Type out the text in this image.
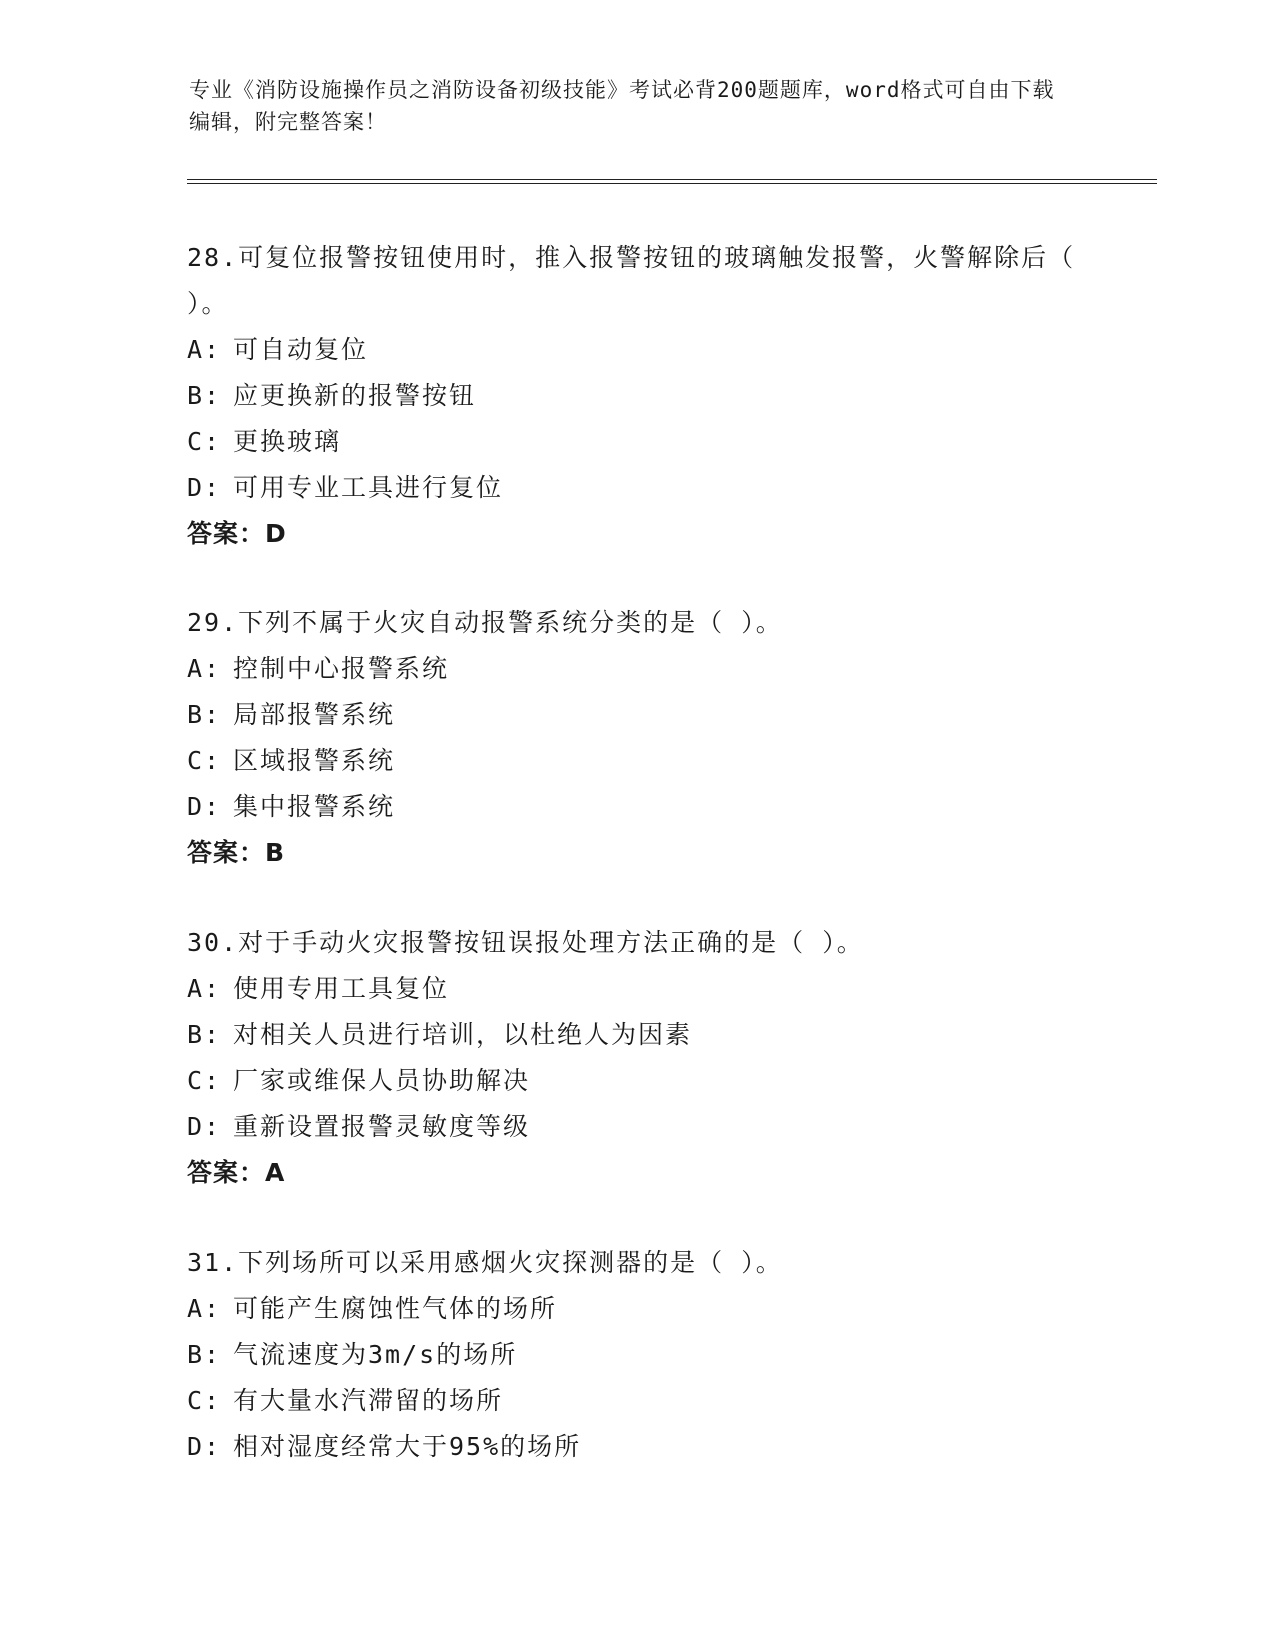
专业《消防设施操作员之消防设备初级技能》考试必背200题题库，word格式可自由下载编辑，附完整答案！

28.可复位报警按钮使用时，推入报警按钮的玻璃触发报警，火警解除后（ ）。

A: 可自动复位

B: 应更换新的报警按钮

C: 更换玻璃

D: 可用专业工具进行复位

答案：D

29.下列不属于火灾自动报警系统分类的是（ ）。

A: 控制中心报警系统

B: 局部报警系统

C: 区域报警系统

D: 集中报警系统

答案：B

30.对于手动火灾报警按钮误报处理方法正确的是（ ）。

A: 使用专用工具复位

B: 对相关人员进行培训，以杜绝人为因素

C: 厂家或维保人员协助解决

D: 重新设置报警灵敏度等级

答案：A

31.下列场所可以采用感烟火灾探测器的是（ ）。

A: 可能产生腐蚀性气体的场所

B: 气流速度为3m/s的场所

C: 有大量水汽滞留的场所

D: 相对湿度经常大于95%的场所
